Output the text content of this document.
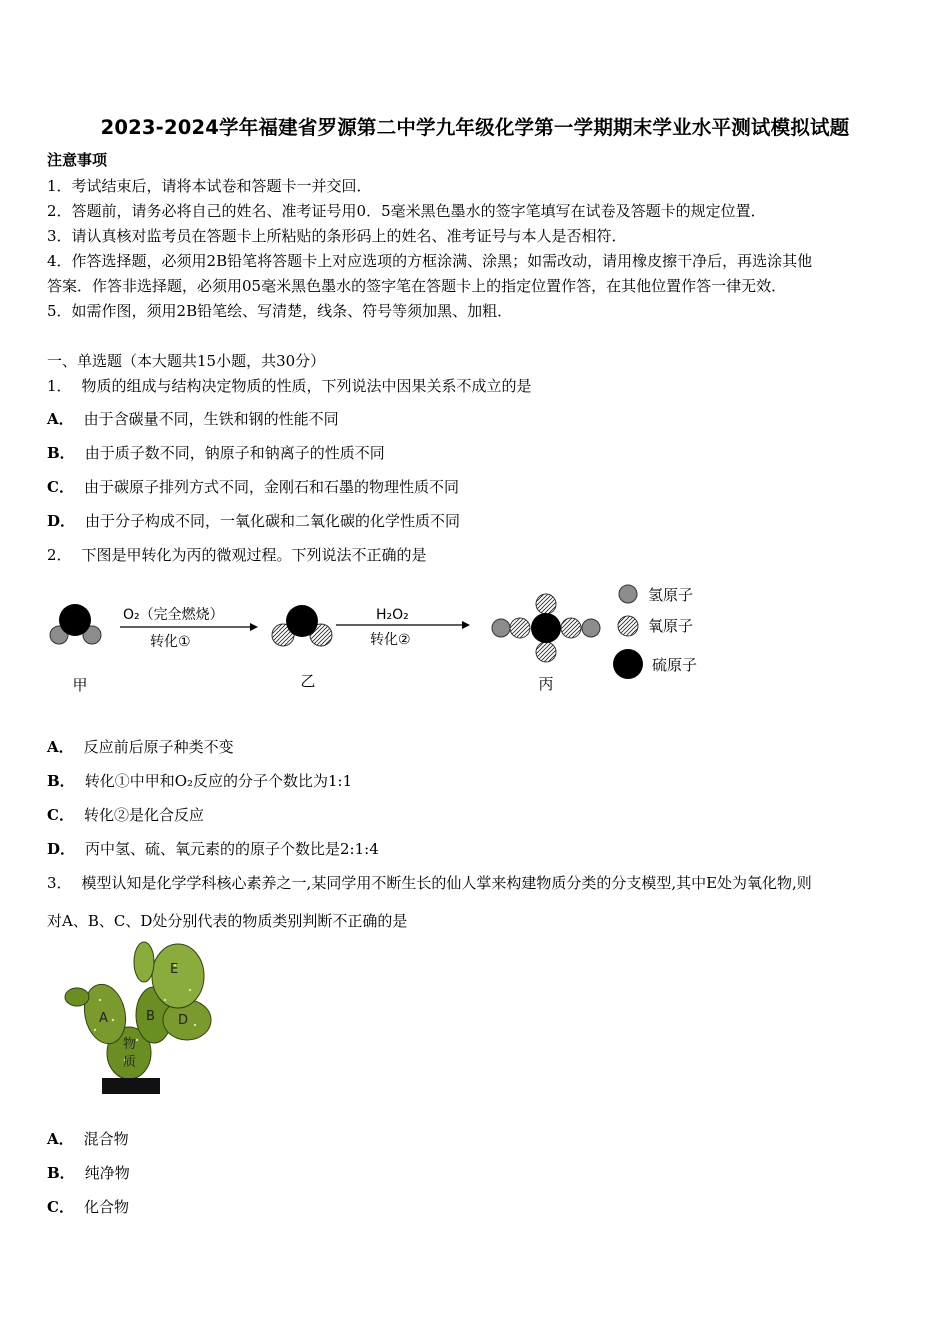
2023-2024学年福建省罗源第二中学九年级化学第一学期期末学业水平测试模拟试题

注意事项

1．考试结束后，请将本试卷和答题卡一并交回．

2．答题前，请务必将自己的姓名、准考证号用0．5毫米黑色墨水的签字笔填写在试卷及答题卡的规定位置．

3．请认真核对监考员在答题卡上所粘贴的条形码上的姓名、准考证号与本人是否相符．

4．作答选择题，必须用2B铅笔将答题卡上对应选项的方框涂满、涂黑；如需改动，请用橡皮擦干净后，再选涂其他

答案．作答非选择题，必须用05毫米黑色墨水的签字笔在答题卡上的指定位置作答，在其他位置作答一律无效．

5．如需作图，须用2B铅笔绘、写清楚，线条、符号等须加黑、加粗．

一、单选题（本大题共15小题，共30分）

1． 物质的组成与结构决定物质的性质，下列说法中因果关系不成立的是

A． 由于含碳量不同，生铁和钢的性能不同

B． 由于质子数不同，钠原子和钠离子的性质不同

C． 由于碳原子排列方式不同，金刚石和石墨的物理性质不同

D． 由于分子构成不同，一氧化碳和二氧化碳的化学性质不同

2． 下图是甲转化为丙的微观过程。下列说法不正确的是

甲
O₂（完全燃烧）
转化①
乙
H₂O₂
转化②
丙
氢原子
氧原子
硫原子

A． 反应前后原子种类不变

B． 转化①中甲和O₂反应的分子个数比为1:1

C． 转化②是化合反应

D． 丙中氢、硫、氧元素的的原子个数比是2:1:4

3． 模型认知是化学学科核心素养之一,某同学用不断生长的仙人掌来构建物质分类的分支模型,其中E处为氧化物,则

对A、B、C、D处分别代表的物质类别判断不正确的是

A	B D
E
物
质

A． 混合物

B． 纯净物

C． 化合物
